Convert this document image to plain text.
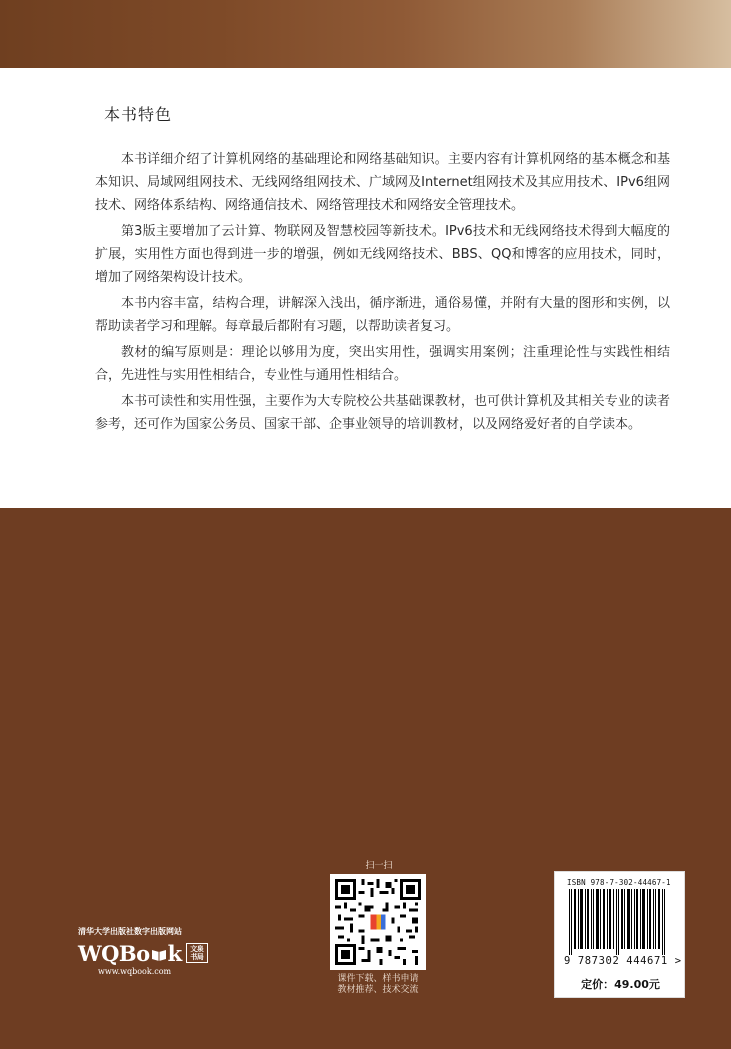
本书特色

本书详细介绍了计算机网络的基础理论和网络基础知识。主要内容有计算机网络的基本概念和基本知识、局域网组网技术、无线网络组网技术、广域网及Internet组网技术及其应用技术、IPv6组网技术、网络体系结构、网络通信技术、网络管理技术和网络安全管理技术。

第3版主要增加了云计算、物联网及智慧校园等新技术。IPv6技术和无线网络技术得到大幅度的扩展，实用性方面也得到进一步的增强，例如无线网络技术、BBS、QQ和博客的应用技术，同时，增加了网络架构设计技术。

本书内容丰富，结构合理，讲解深入浅出，循序渐进，通俗易懂，并附有大量的图形和实例，以帮助读者学习和理解。每章最后都附有习题，以帮助读者复习。

教材的编写原则是：理论以够用为度，突出实用性，强调实用案例；注重理论性与实践性相结合，先进性与实用性相结合，专业性与通用性相结合。

本书可读性和实用性强，主要作为大专院校公共基础课教材，也可供计算机及其相关专业的读者参考，还可作为国家公务员、国家干部、企事业领导的培训教材，以及网络爱好者的自学读本。

扫一扫
课件下载、样书申请
教材推荐、技术交流
清华大学出版社数字出版网站
WQBo k	文泉书局
www.wqbook.com
ISBN 978-7-302-44467-1
9 787302 444671 >
定价：49.00元
